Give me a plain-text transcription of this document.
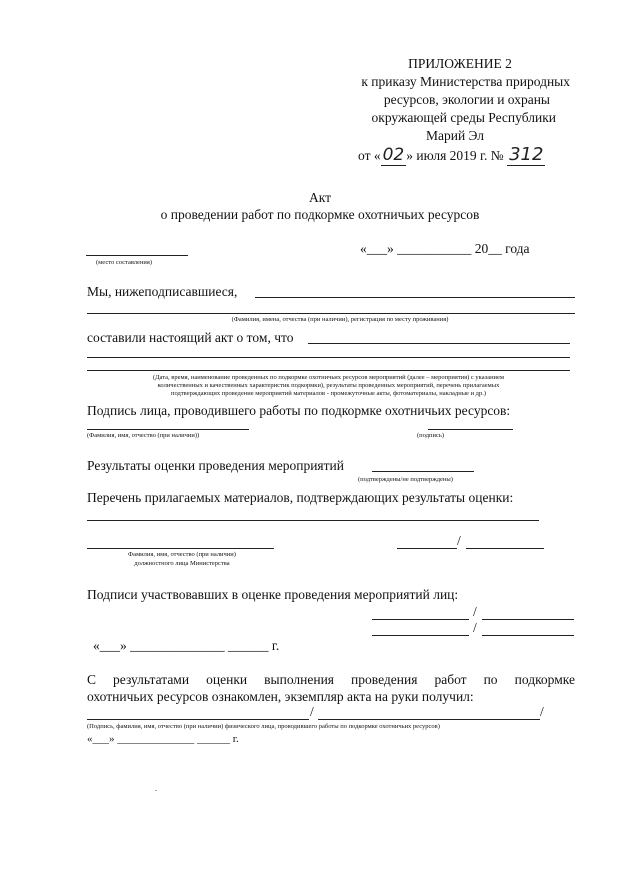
ПРИЛОЖЕНИЕ 2
к приказу Министерства природных
ресурсов, экологии и охраны
окружающей среды Республики
Марий Эл
от « 02 » июля 2019 г. № 312
Акт
о проведении работ по подкормке охотничьих ресурсов
(место составления)
«___» ___________ 20__ года
Мы, нижеподписавшиеся,
(Фамилия, имена, отчества (при наличии), регистрация по месту проживания)
составили настоящий акт о том, что
(Дата, время, наименование проведенных по подкормке охотничьих ресурсов мероприятий (далее – мероприятия) с указанием
количественных и качественных характеристик подкормки), результаты проведенных мероприятий, перечень прилагаемых
подтверждающих проведение мероприятий материалов - промежуточные акты, фотоматериалы, накладные и др.)
Подпись лица, проводившего работы по подкормке охотничьих ресурсов:
(Фамилия, имя, отчество (при наличии))	(подпись)
Результаты оценки проведения мероприятий
(подтверждены/не подтверждены)
Перечень прилагаемых материалов, подтверждающих результаты оценки:
Фамилия, имя, отчество (при наличии)
должностного лица Министерства
/
Подписи участвовавших в оценке проведения мероприятий лиц:
/
/
«___» ______________ ______ г.
С результатами оценки выполнения проведения работ по подкормке
охотничьих ресурсов ознакомлен, экземпляр акта на руки получил:
/	/
(Подпись, фамилия, имя, отчество (при наличии) физического лица, проводившего работы по подкормке охотничьих ресурсов)
«___» ______________ ______ г.
